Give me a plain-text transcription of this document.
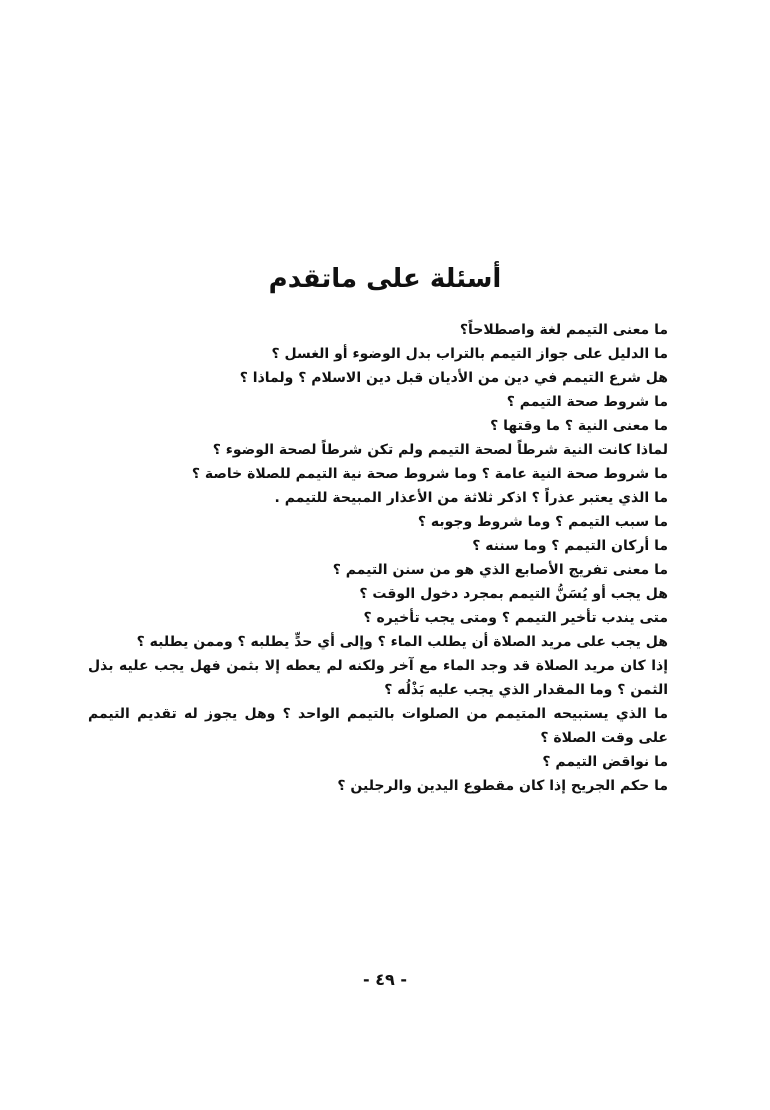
أسئلة على ماتقدم

ما معنى التيمم لغة واصطلاحاً؟

ما الدليل على جواز التيمم بالتراب بدل الوضوء أو الغسل ؟

هل شرع التيمم في دين من الأديان قبل دين الاسلام ؟ ولماذا ؟

ما شروط صحة التيمم ؟

ما معنى النية ؟ ما وقتها ؟

لماذا كانت النية شرطاً لصحة التيمم ولم تكن شرطاً لصحة الوضوء ؟

ما شروط صحة النية عامة ؟ وما شروط صحة نية التيمم للصلاة خاصة ؟

ما الذي يعتبر عذراً ؟ اذكر ثلاثة من الأعذار المبيحة للتيمم .

ما سبب التيمم ؟ وما شروط وجوبه ؟

ما أركان التيمم ؟ وما سننه ؟

ما معنى تفريج الأصابع الذي هو من سنن التيمم ؟

هل يجب أو يُسَنُّ التيمم بمجرد دخول الوقت ؟

متى يندب تأخير التيمم ؟ ومتى يجب تأخيره ؟

هل يجب على مريد الصلاة أن يطلب الماء ؟ وإلى أي حدٍّ يطلبه ؟ وممن يطلبه ؟

إذا كان مريد الصلاة قد وجد الماء مع آخر ولكنه لم يعطه إلا بثمن فهل يجب عليه بذل الثمن ؟ وما المقدار الذي يجب عليه بَذْلُه ؟

ما الذي يستبيحه المتيمم من الصلوات بالتيمم الواحد ؟ وهل يجوز له تقديم التيمم على وقت الصلاة ؟

ما نواقض التيمم ؟

ما حكم الجريح إذا كان مقطوع اليدين والرجلين ؟

- ٤٩ -
